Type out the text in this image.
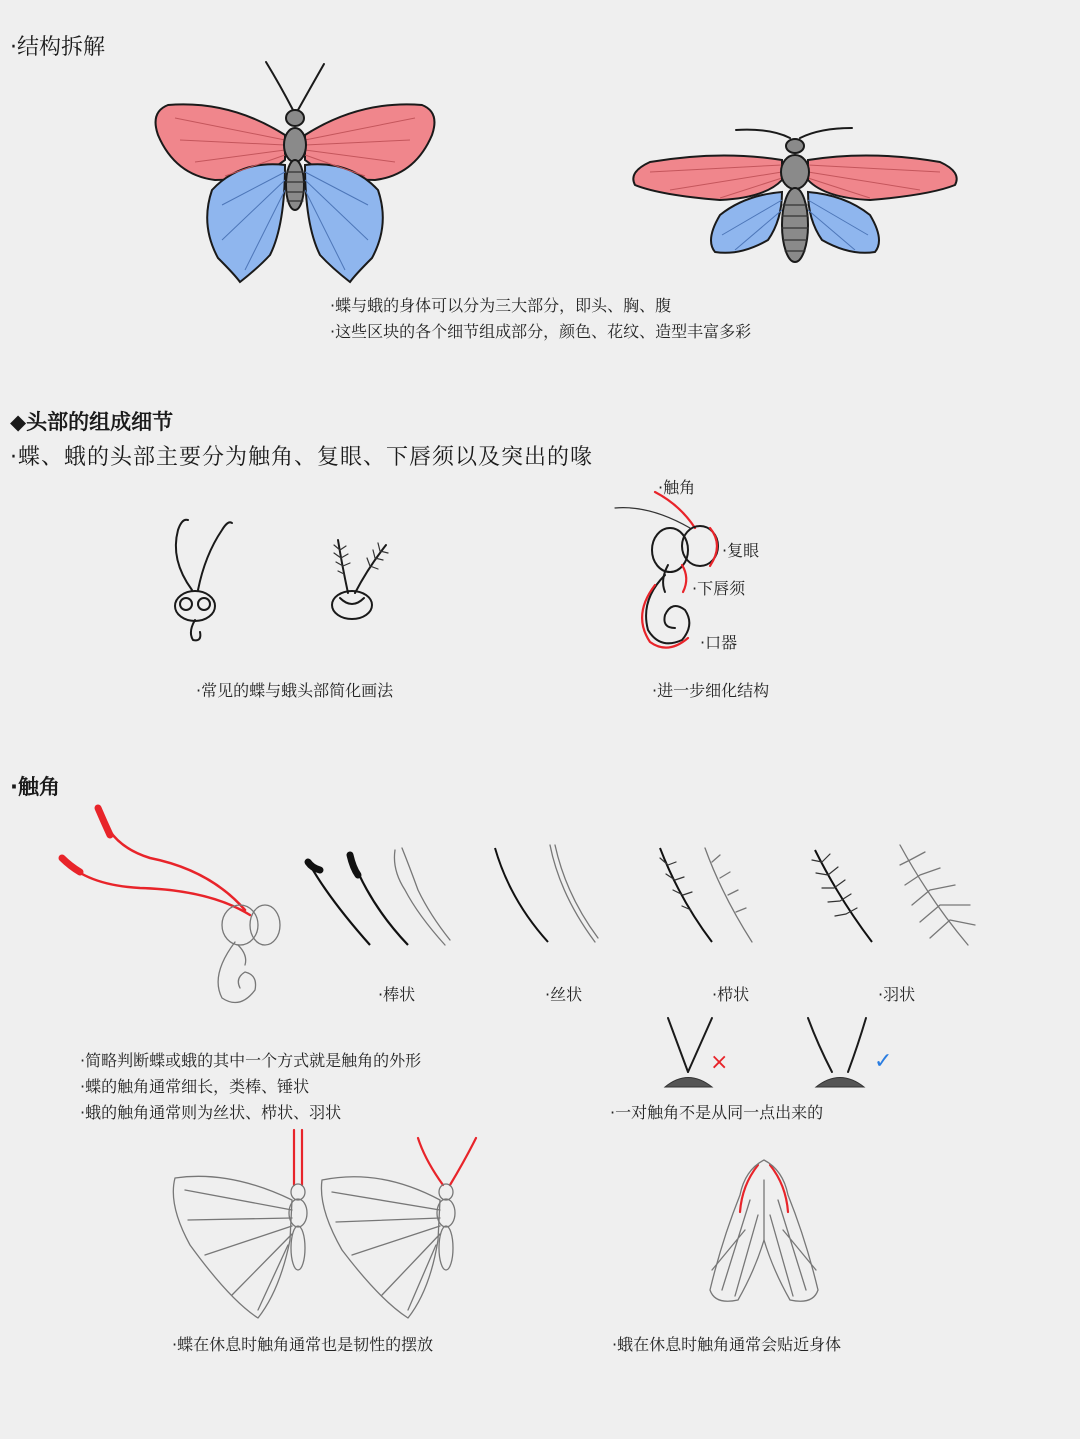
·结构拆解
·蝶与蛾的身体可以分为三大部分，即头、胸、腹
·这些区块的各个细节组成部分，颜色、花纹、造型丰富多彩
◆头部的组成细节
·蝶、蛾的头部主要分为触角、复眼、下唇须以及突出的喙
·触角
·复眼
·下唇须
·口器
·常见的蝶与蛾头部简化画法	·进一步细化结构
·触角
·棒状	·丝状	·栉状	·羽状
·简略判断蝶或蛾的其中一个方式就是触角的外形
·蝶的触角通常细长，类棒、锤状
·蛾的触角通常则为丝状、栉状、羽状
×	✓
·一对触角不是从同一点出来的
·蝶在休息时触角通常也是韧性的摆放	·蛾在休息时触角通常会贴近身体
